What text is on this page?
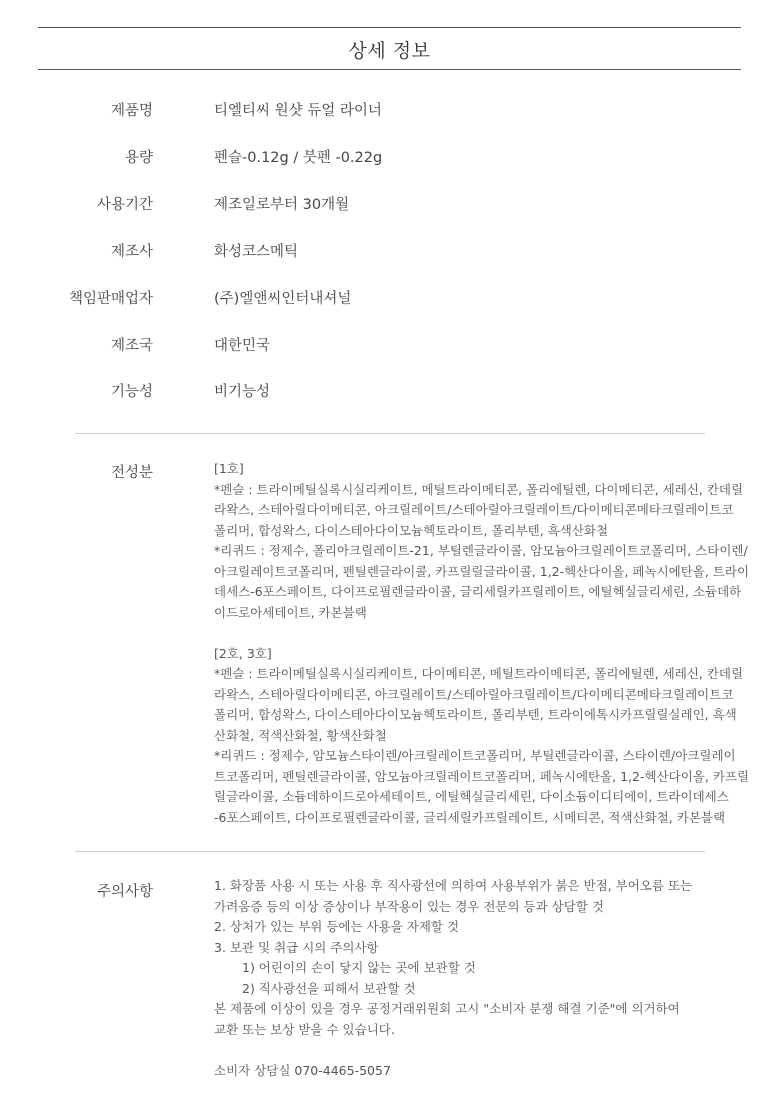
상세 정보
제품명	티엘티씨 원샷 듀얼 라이너
용량	펜슬-0.12g / 붓펜 -0.22g
사용기간	제조일로부터 30개월
제조사	화성코스메틱
책임판매업자	(주)엘앤씨인터내셔널
제조국	대한민국
기능성	비기능성
전성분	[1호]
*펜슬 : 트라이메틸실록시실리케이트, 메틸트라이메티콘, 폴리에틸렌, 다이메티콘, 세레신, 칸데릴
라왁스, 스테아릴다이메티콘, 아크릴레이트/스테아릴아크릴레이트/다이메티콘메타크릴레이트코
폴리머, 합성왁스, 다이스테아다이모늄헥토라이트, 폴리부텐, 흑색산화철
*리퀴드 : 정제수, 폴리아크릴레이트-21, 부틸렌글라이콜, 암모늄아크릴레이트코폴리머, 스타이렌/
아크릴레이트코폴리머, 펜틸렌글라이콜, 카프릴릴글라이콜, 1,2-헥산다이올, 페녹시에탄올, 트라이
데세스-6포스페이트, 다이프로필렌글라이콜, 글리세릴카프릴레이트, 에틸헥실글리세린, 소듐데하
이드로아세테이트, 카본블랙
[2호, 3호]
*펜슬 : 트라이메틸실록시실리케이트, 다이메티콘, 메틸트라이메티콘, 폴리에틸렌, 세레신, 칸데릴
라왁스, 스테아릴다이메티콘, 아크릴레이트/스테아릴아크릴레이트/다이메티콘메타크릴레이트코
폴리머, 합성왁스, 다이스테아다이모늄헥토라이트, 폴리부텐, 트라이에톡시카프릴릴실레인, 흑색
산화철, 적색산화철, 황색산화철
*리퀴드 : 정제수, 암모늄스타이렌/아크릴레이트코폴리머, 부틸렌글라이콜, 스타이렌/아크릴레이
트코폴리머, 펜틸렌글라이콜, 암모늄아크릴레이트코폴리머, 페녹시에탄올, 1,2-헥산다이올, 카프릴
릴글라이콜, 소듐데하이드로아세테이트, 에틸헥실글리세린, 다이소듐이디티에이, 트라이데세스
-6포스페이트, 다이프로필렌글라이콜, 글리세릴카프릴레이트, 시메티콘, 적색산화철, 카본블랙
주의사항	1. 화장품 사용 시 또는 사용 후 직사광선에 의하여 사용부위가 붉은 반점, 부어오름 또는
가려움증 등의 이상 증상이나 부작용이 있는 경우 전문의 등과 상담할 것
2. 상처가 있는 부위 등에는 사용을 자제할 것
3. 보관 및 취급 시의 주의사항
1) 어린이의 손이 닿지 않는 곳에 보관할 것
2) 직사광선을 피해서 보관할 것
본 제품에 이상이 있을 경우 공정거래위원회 고시 "소비자 분쟁 해결 기준"에 의거하여
교환 또는 보상 받을 수 있습니다.
소비자 상담실 070-4465-5057
